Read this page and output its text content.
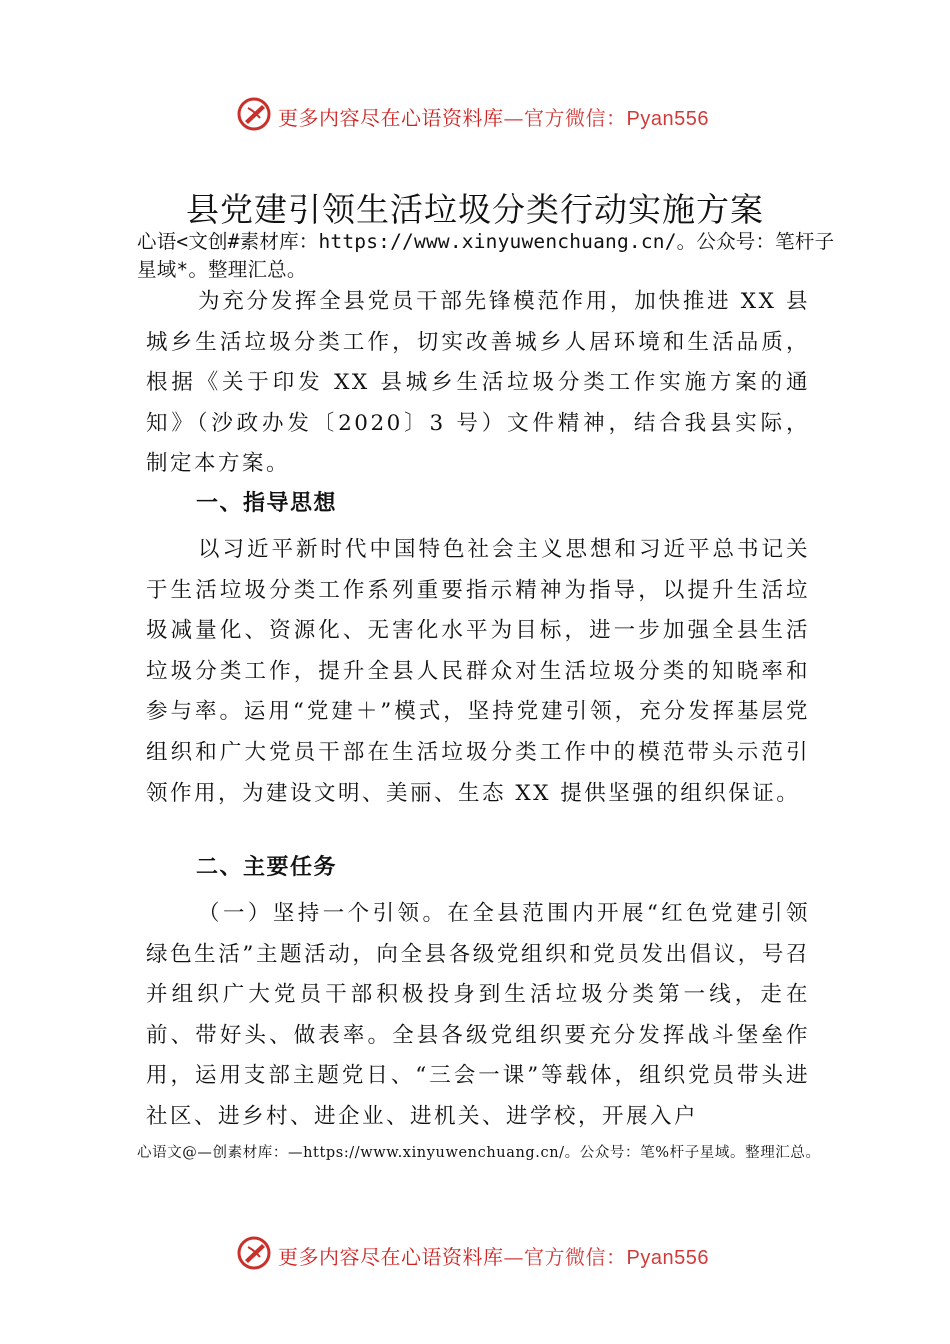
更多内容尽在心语资料库—官方微信：Pyan556
县党建引领生活垃圾分类行动实施方案
心语<文创#素材库：https://www.xinyuwenchuang.cn/。公众号：笔杆子星域*。整理汇总。
为充分发挥全县党员干部先锋模范作用，加快推进 XX 县城乡生活垃圾分类工作，切实改善城乡人居环境和生活品质，根据《关于印发 XX 县城乡生活垃圾分类工作实施方案的通知》（沙政办发〔2020〕3 号）文件精神，结合我县实际， 制定本方案。
一、指导思想
以习近平新时代中国特色社会主义思想和习近平总书记关于生活垃圾分类工作系列重要指示精神为指导，以提升生活垃圾减量化、资源化、无害化水平为目标，进一步加强全县生活垃圾分类工作，提升全县人民群众对生活垃圾分类的知晓率和参与率。运用“党建＋”模式，坚持党建引领，充分发挥基层党组织和广大党员干部在生活垃圾分类工作中的模范带头示范引领作用，为建设文明、美丽、生态 XX 提供坚强的组织保证。
二、主要任务
（一）坚持一个引领。在全县范围内开展“红色党建引领绿色生活”主题活动，向全县各级党组织和党员发出倡议，号召并组织广大党员干部积极投身到生活垃圾分类第一线，走在前、带好头、做表率。全县各级党组织要充分发挥战斗堡垒作用，运用支部主题党日、“三会一课”等载体，组织党员带头进社区、进乡村、进企业、进机关、进学校，开展入户
心语文@—创素材库：—https://www.xinyuwenchuang.cn/。公众号：笔%杆子星域。整理汇总。
更多内容尽在心语资料库—官方微信：Pyan556
